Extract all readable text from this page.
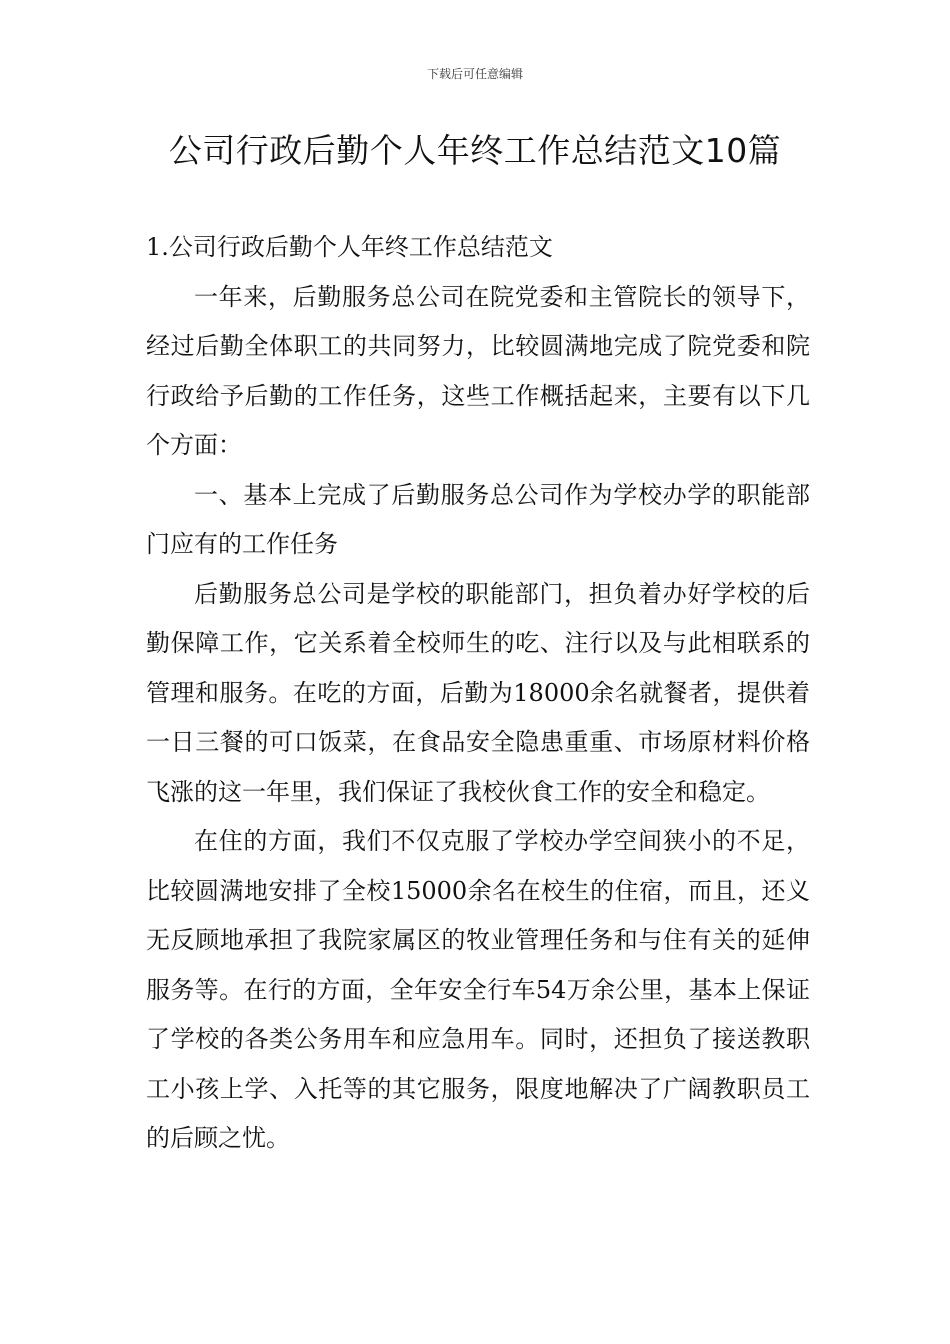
下载后可任意编辑
公司行政后勤个人年终工作总结范文10篇

1.公司行政后勤个人年终工作总结范文

一年来，后勤服务总公司在院党委和主管院长的领导下，经过后勤全体职工的共同努力，比较圆满地完成了院党委和院行政给予后勤的工作任务，这些工作概括起来，主要有以下几个方面：

一、基本上完成了后勤服务总公司作为学校办学的职能部门应有的工作任务

后勤服务总公司是学校的职能部门，担负着办好学校的后勤保障工作，它关系着全校师生的吃、注行以及与此相联系的管理和服务。在吃的方面，后勤为18000余名就餐者，提供着一日三餐的可口饭菜，在食品安全隐患重重、市场原材料价格飞涨的这一年里，我们保证了我校伙食工作的安全和稳定。

在住的方面，我们不仅克服了学校办学空间狭小的不足，比较圆满地安排了全校15000余名在校生的住宿，而且，还义无反顾地承担了我院家属区的牧业管理任务和与住有关的延伸服务等。在行的方面，全年安全行车54万余公里，基本上保证了学校的各类公务用车和应急用车。同时，还担负了接送教职工小孩上学、入托等的其它服务，限度地解决了广阔教职员工的后顾之忧。
